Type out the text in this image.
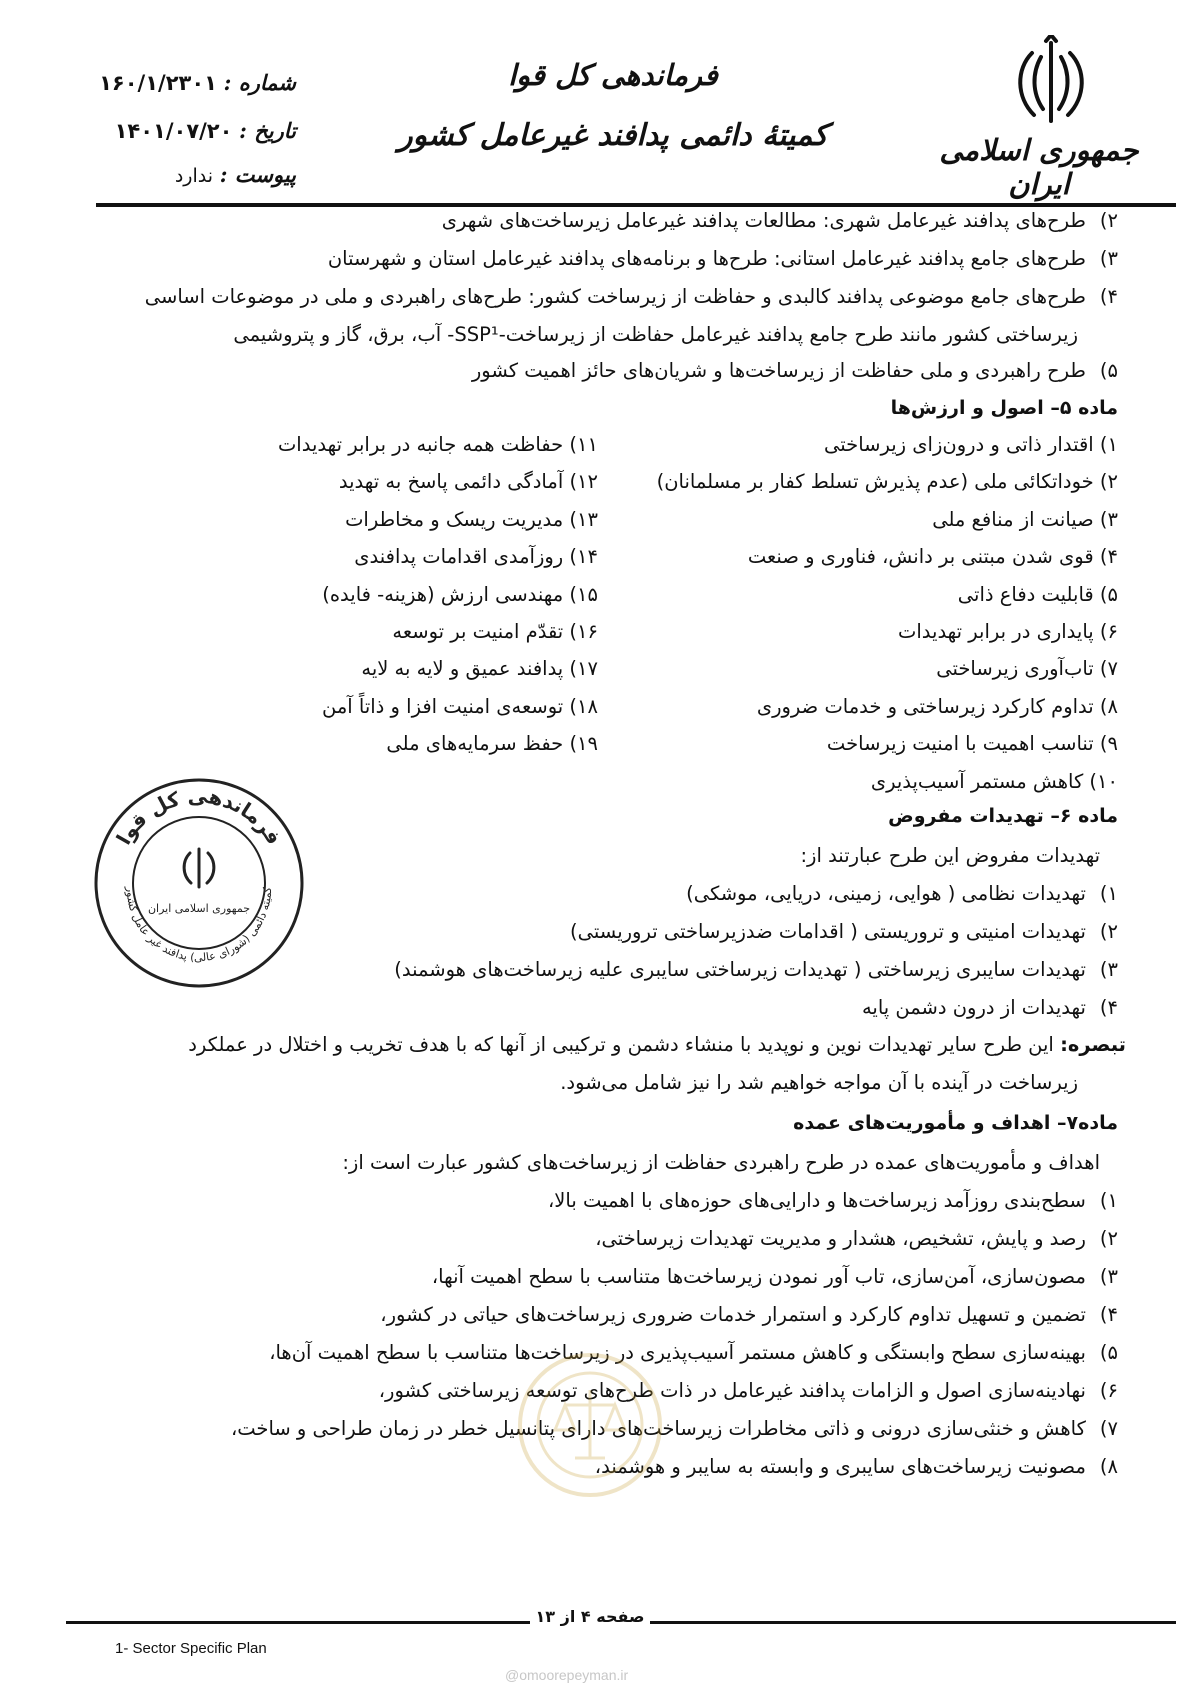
جمهوری اسلامی ایران
فرماندهی کل قوا
کمیتهٔ دائمی پدافند غیرعامل کشور
شماره : ۱۶۰/۱/۲۳۰۱
تاریخ : ۱۴۰۱/۰۷/۲۰
پیوست : ندارد
۲)طرح‌های پدافند غیرعامل شهری: مطالعات پدافند غیرعامل زیرساخت‌های شهری
۳)طرح‌های جامع پدافند غیرعامل استانی: طرح‌ها و برنامه‌های پدافند غیرعامل استان و شهرستان
۴)طرح‌های جامع موضوعی پدافند کالبدی و حفاظت از زیرساخت کشور: طرح‌های راهبردی و ملی در موضوعات اساسی
زیرساختی کشور مانند طرح جامع پدافند غیرعامل حفاظت از زیرساخت-SSP¹- آب، برق، گاز و پتروشیمی
۵)طرح راهبردی و ملی حفاظت از زیرساخت‌ها و شریان‌های حائز اهمیت کشور
ماده ۵– اصول و ارزش‌ها
۱) اقتدار ذاتی و درون‌زای زیرساختی
۲) خوداتکائی ملی (عدم پذیرش تسلط کفار بر مسلمانان)
۳) صیانت از منافع ملی
۴) قوی شدن مبتنی بر دانش، فناوری و صنعت
۵) قابلیت دفاع ذاتی
۶) پایداری در برابر تهدیدات
۷) تاب‌آوری زیرساختی
۸) تداوم کارکرد زیرساختی و خدمات ضروری
۹) تناسب اهمیت با امنیت زیرساخت
۱۰) کاهش مستمر آسیب‌پذیری
۱۱) حفاظت همه جانبه در برابر تهدیدات
۱۲) آمادگی دائمی پاسخ به تهدید
۱۳) مدیریت ریسک و مخاطرات
۱۴) روزآمدی اقدامات پدافندی
۱۵) مهندسی ارزش (هزینه- فایده)
۱۶) تقدّم امنیت بر توسعه
۱۷) پدافند عمیق و لایه به لایه
۱۸) توسعه‌ی امنیت افزا و ذاتاً آمن
۱۹) حفظ سرمایه‌های ملی
فرماندهی کل قوا
کمیته دائمی (شورای عالی) پدافند غیر عامل کشور
جمهوری اسلامی ایران
ماده ۶– تهدیدات مفروض
تهدیدات مفروض این طرح عبارتند از:
۱)تهدیدات نظامی ( هوایی، زمینی، دریایی، موشکی)
۲)تهدیدات امنیتی و تروریستی ( اقدامات ضدزیرساختی تروریستی)
۳)تهدیدات سایبری زیرساختی ( تهدیدات زیرساختی سایبری علیه زیرساخت‌های هوشمند)
۴)تهدیدات از درون دشمن پایه
تبصره: این طرح سایر تهدیدات نوین و نوپدید با منشاء دشمن و ترکیبی از آنها که با هدف تخریب و اختلال در عملکرد
زیرساخت در آینده با آن مواجه خواهیم شد را نیز شامل می‌شود.
ماده۷– اهداف و مأموریت‌های عمده
اهداف و مأموریت‌های عمده در طرح راهبردی حفاظت از زیرساخت‌های کشور عبارت است از:
۱)سطح‌بندی روزآمد زیرساخت‌ها و دارایی‌های حوزه‌های با اهمیت بالا،
۲)رصد و پایش، تشخیص، هشدار و مدیریت تهدیدات زیرساختی،
۳)مصون‌سازی، آمن‌سازی، تاب آور نمودن زیرساخت‌ها متناسب با سطح اهمیت آنها،
۴)تضمین و تسهیل تداوم کارکرد و استمرار خدمات ضروری زیرساخت‌های حیاتی در کشور،
۵)بهینه‌سازی سطح وابستگی و کاهش مستمر آسیب‌پذیری در زیرساخت‌ها متناسب با سطح اهمیت آن‌ها،
۶)نهادینه‌سازی اصول و الزامات پدافند غیرعامل در ذات طرح‌های توسعه زیرساختی کشور،
۷)کاهش و خنثی‌سازی درونی و ذاتی مخاطرات زیرساخت‌های دارای پتانسیل خطر در زمان طراحی و ساخت،
۸)مصونیت زیرساخت‌های سایبری و وابسته به سایبر و هوشمند،
صفحه ۴ از ۱۳
1- Sector Specific Plan
@omoorepeyman.ir
